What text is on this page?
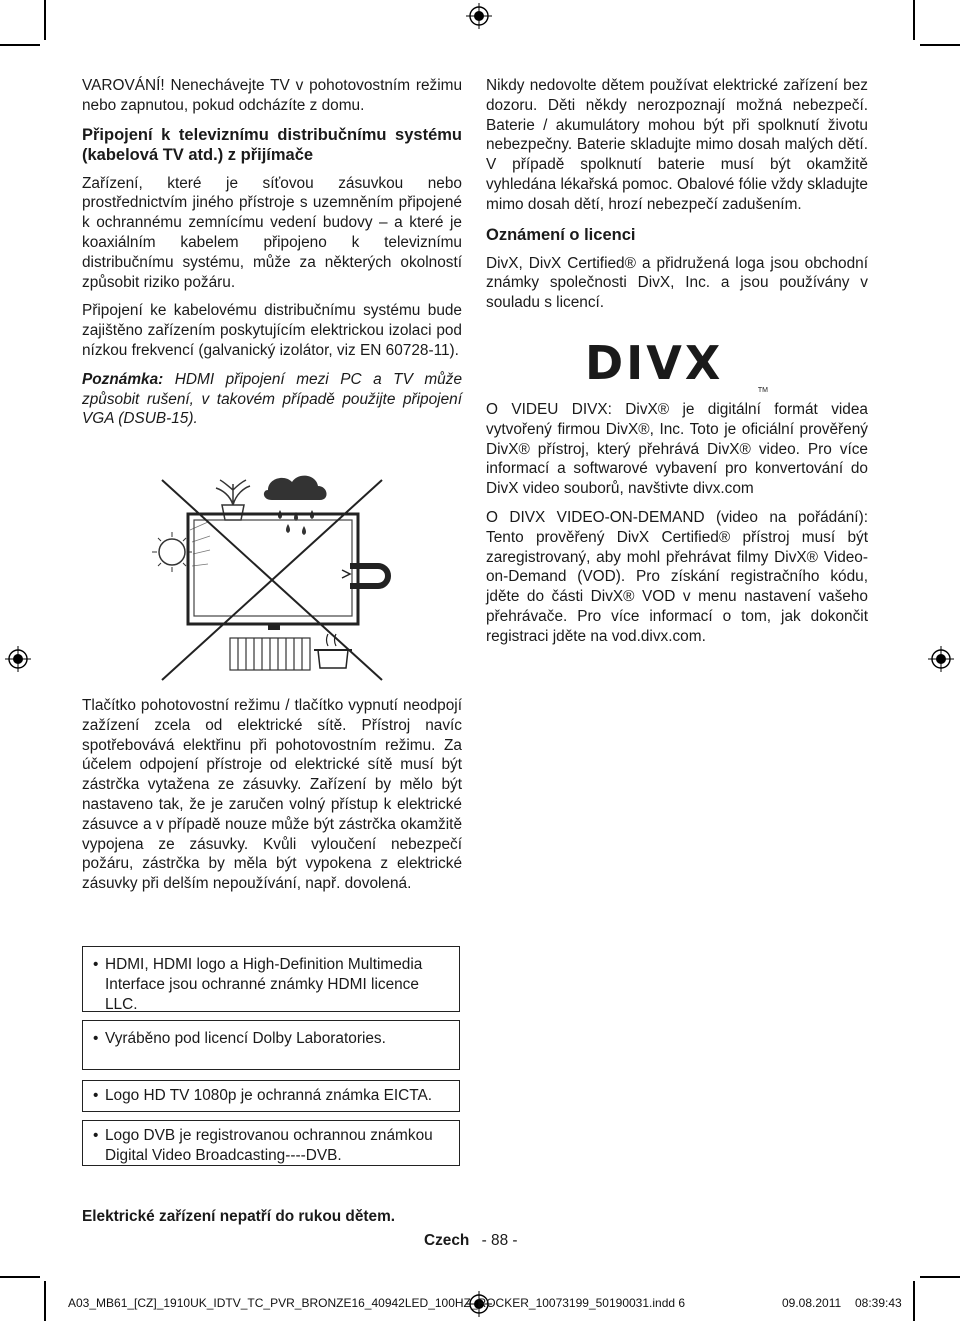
VAROVÁNÍ! Nenechávejte TV v pohotovostním režimu nebo zapnutou, pokud odcházíte z domu.

Připojení k televiznímu distribučnímu systému (kabelová TV atd.) z přijímače

Zařízení, které je síťovou zásuvkou nebo prostřednictvím jiného přístroje s uzemněním připojené k ochrannému zemnícímu vedení budovy – a které je koaxiálním kabelem připojeno k televiznímu distribučnímu systému, může za některých okolností způsobit riziko požáru.

Připojení ke kabelovému distribučnímu systému bude zajištěno zařízením poskytujícím elektrickou izolaci pod nízkou frekvencí (galvanický izolátor, viz EN 60728-11).

Poznámka: HDMI připojení mezi PC a TV může způsobit rušení, v takovém případě použijte připojení VGA (DSUB-15).

Nikdy nedovolte dětem používat elektrické zařízení bez dozoru. Děti někdy nerozpoznají možná nebezpečí. Baterie / akumulátory mohou být při spolknutí životu nebezpečny. Baterie skladujte mimo dosah malých dětí. V případě spolknutí baterie musí být okamžitě vyhledána lékařská pomoc. Obalové fólie vždy skladujte mimo dosah dětí, hrozí nebezpečí zadušením.

Oznámení o licenci

DivX, DivX Certified® a přidružená loga jsou obchodní známky společnosti DivX, Inc. a jsou používány v souladu s licencí.

DIVX
TM

O VIDEU DIVX: DivX® je digitální formát videa vytvořený firmou DivX®, Inc. Toto je oficiální prověřený DivX® přístroj, který přehrává DivX® video. Pro více informací a softwarové vybavení pro konvertování do DivX video souborů, navštivte divx.com

O DIVX VIDEO-ON-DEMAND (video na pořádání): Tento prověřený DivX Certified® přístroj musí být zaregistrovaný, aby mohl přehrávat filmy DivX® Video-on-Demand (VOD). Pro získání registračního kódu, jděte do části DivX® VOD v menu nastavení vašeho přehrávače. Pro více informací o tom, jak dokončit registraci jděte na vod.divx.com.

Tlačítko pohotovostní režimu / tlačítko vypnutí neodpojí zažízení zcela od elektrické sítě. Přístroj navíc spotřebovává elektřinu při pohotovostním režimu. Za účelem odpojení přístroje od elektrické sítě musí být zástrčka vytažena ze zásuvky. Zařízení by mělo být nastaveno tak, že je zaručen volný přístup k elektrické zásuvce a v případě nouze může být zástrčka okamžitě vypojena ze zásuvky. Kvůli vyloučení nebezpečí požáru, zástrčka by měla být vypokena z elektrické zásuvky při delším nepoužívání, např. dovolená.

• HDMI, HDMI logo a High-Definition Multimedia Interface jsou ochranné známky HDMI licence LLC.
• Vyráběno pod licencí Dolby Laboratories.
• Logo HD TV 1080p je ochranná známka EICTA.
• Logo DVB je registrovanou ochrannou známkou Digital Video Broadcasting----DVB.
Elektrické zařízení nepatří do rukou dětem.
Czech - 88 -
A03_MB61_[CZ]_1910UK_IDTV_TC_PVR_BRONZE16_40942LED_100HZ_ROCKER_10073199_50190031.indd 6	09.08.2011 08:39:43
